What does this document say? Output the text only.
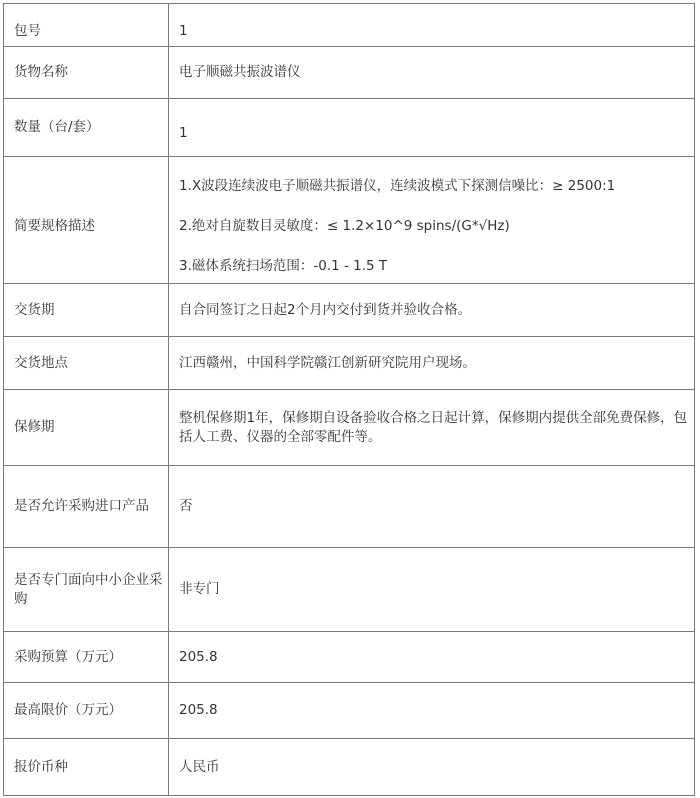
包号	1
货物名称	电子顺磁共振波谱仪
数量（台/套）	1
简要规格描述	1.X波段连续波电子顺磁共振谱仪，连续波模式下探测信噪比：≥ 2500:1

2.绝对自旋数目灵敏度：≤ 1.2×10^9 spins/(G*√Hz)

3.磁体系统扫场范围：-0.1 - 1.5 T

交货期	自合同签订之日起2个月内交付到货并验收合格。
交货地点	江西赣州，中国科学院赣江创新研究院用户现场。
保修期	整机保修期1年，保修期自设备验收合格之日起计算，保修期内提供全部免费保修，包括人工费、仪器的全部零配件等。
是否允许采购进口产品	否
是否专门面向中小企业采购	非专门
采购预算（万元）	205.8
最高限价（万元）	205.8
报价币种	人民币
